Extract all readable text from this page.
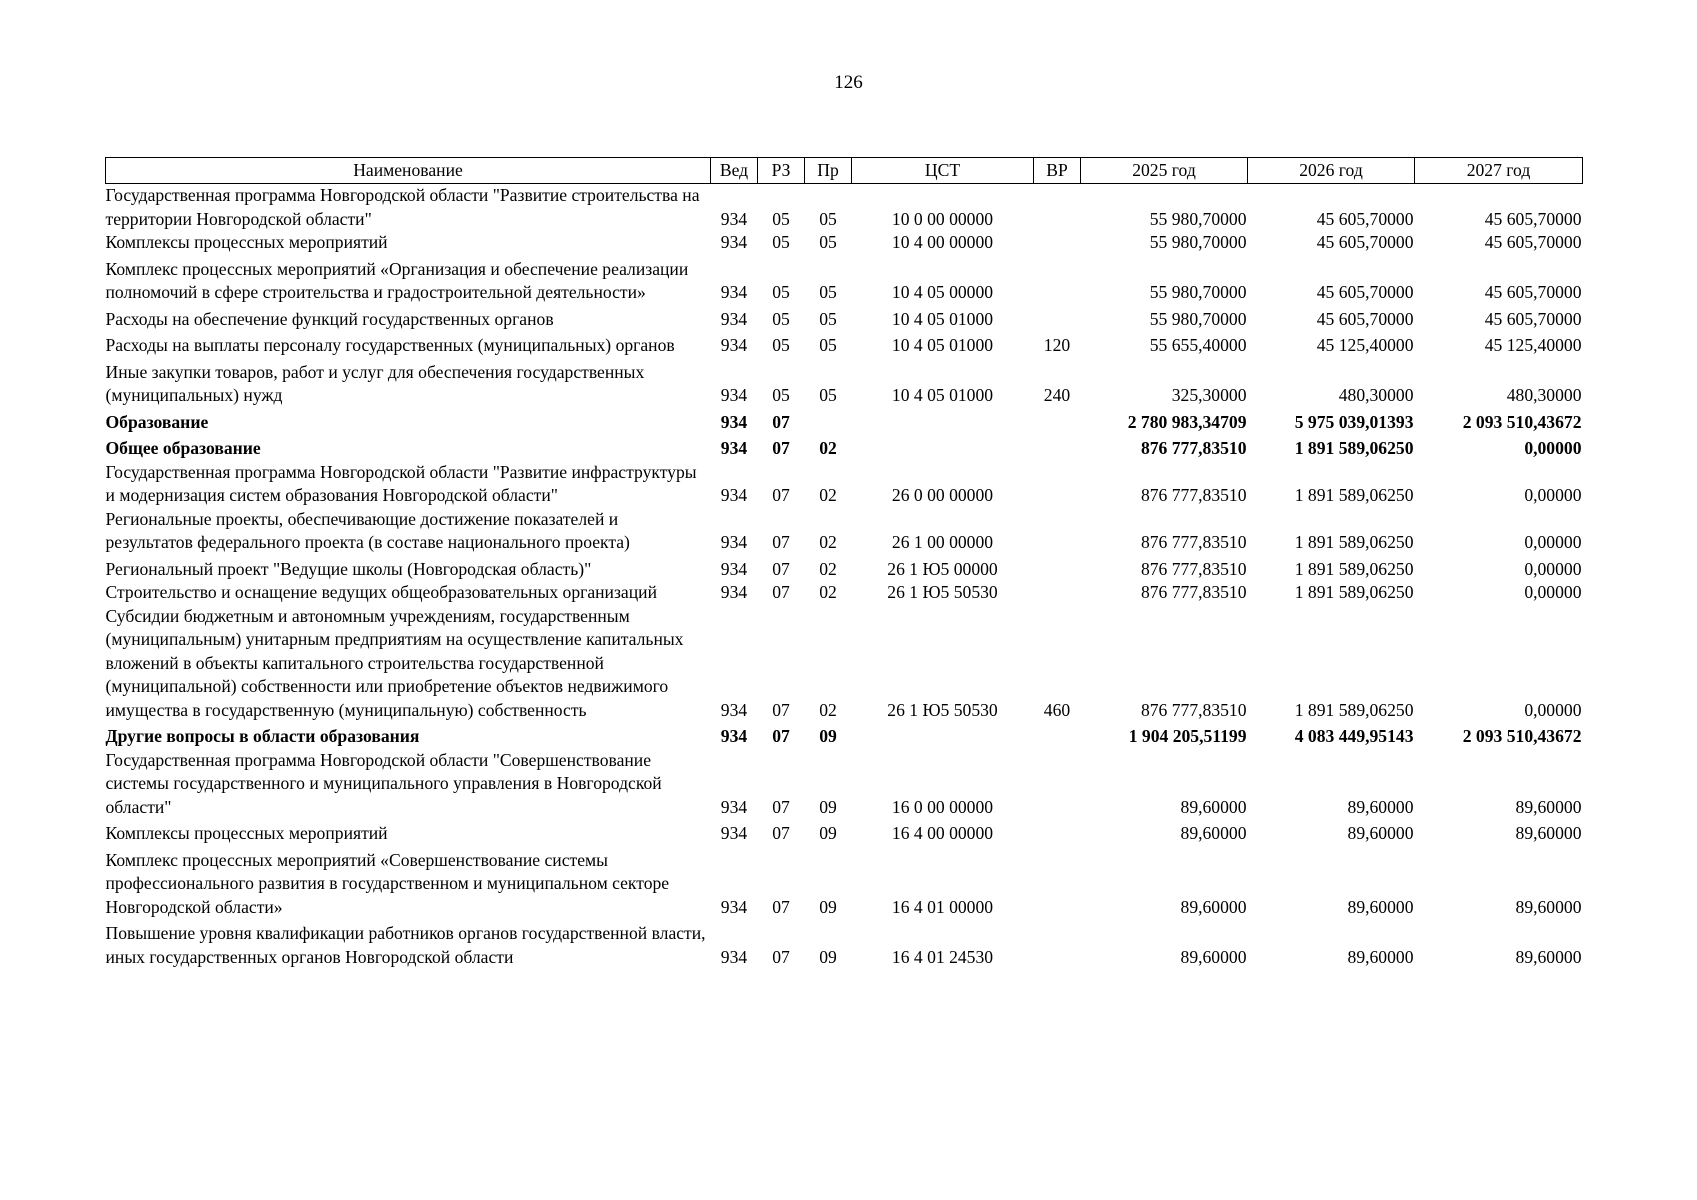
126
Наименование	Вед	РЗ	Пр	ЦСТ	ВР	2025 год	2026 год	2027 год
Государственная программа Новгородской области "Развитие строительства на территории Новгородской области"	934	05	05	10 0 00 00000		55 980,70000	45 605,70000	45 605,70000
Комплексы процессных мероприятий	934	05	05	10 4 00 00000		55 980,70000	45 605,70000	45 605,70000
Комплекс процессных мероприятий «Организация и обеспечение реализации полномочий в сфере строительства и градостроительной деятельности»	934	05	05	10 4 05 00000		55 980,70000	45 605,70000	45 605,70000
Расходы на обеспечение функций государственных органов	934	05	05	10 4 05 01000		55 980,70000	45 605,70000	45 605,70000
Расходы на выплаты персоналу государственных (муниципальных) органов	934	05	05	10 4 05 01000	120	55 655,40000	45 125,40000	45 125,40000
Иные закупки товаров, работ и услуг для обеспечения государственных (муниципальных) нужд	934	05	05	10 4 05 01000	240	325,30000	480,30000	480,30000
Образование	934	07				2 780 983,34709	5 975 039,01393	2 093 510,43672
Общее образование	934	07	02			876 777,83510	1 891 589,06250	0,00000
Государственная программа Новгородской области "Развитие инфраструктуры и модернизация систем образования Новгородской области"	934	07	02	26 0 00 00000		876 777,83510	1 891 589,06250	0,00000
Региональные проекты, обеспечивающие достижение показателей и результатов федерального проекта (в составе национального проекта)	934	07	02	26 1 00 00000		876 777,83510	1 891 589,06250	0,00000
Региональный проект "Ведущие школы (Новгородская область)"	934	07	02	26 1 Ю5 00000		876 777,83510	1 891 589,06250	0,00000
Строительство и оснащение ведущих общеобразовательных организаций	934	07	02	26 1 Ю5 50530		876 777,83510	1 891 589,06250	0,00000
Субсидии бюджетным и автономным учреждениям, государственным (муниципальным) унитарным предприятиям на осуществление капитальных вложений в объекты капитального строительства государственной (муниципальной) собственности или приобретение объектов недвижимого имущества в государственную (муниципальную) собственность	934	07	02	26 1 Ю5 50530	460	876 777,83510	1 891 589,06250	0,00000
Другие вопросы в области образования	934	07	09			1 904 205,51199	4 083 449,95143	2 093 510,43672
Государственная программа Новгородской области "Совершенствование системы государственного и муниципального управления в Новгородской области"	934	07	09	16 0 00 00000		89,60000	89,60000	89,60000
Комплексы процессных мероприятий	934	07	09	16 4 00 00000		89,60000	89,60000	89,60000
Комплекс процессных мероприятий «Совершенствование системы профессионального развития в государственном и муниципальном секторе Новгородской области»	934	07	09	16 4 01 00000		89,60000	89,60000	89,60000
Повышение уровня квалификации работников органов государственной власти, иных государственных органов Новгородской области	934	07	09	16 4 01 24530		89,60000	89,60000	89,60000
